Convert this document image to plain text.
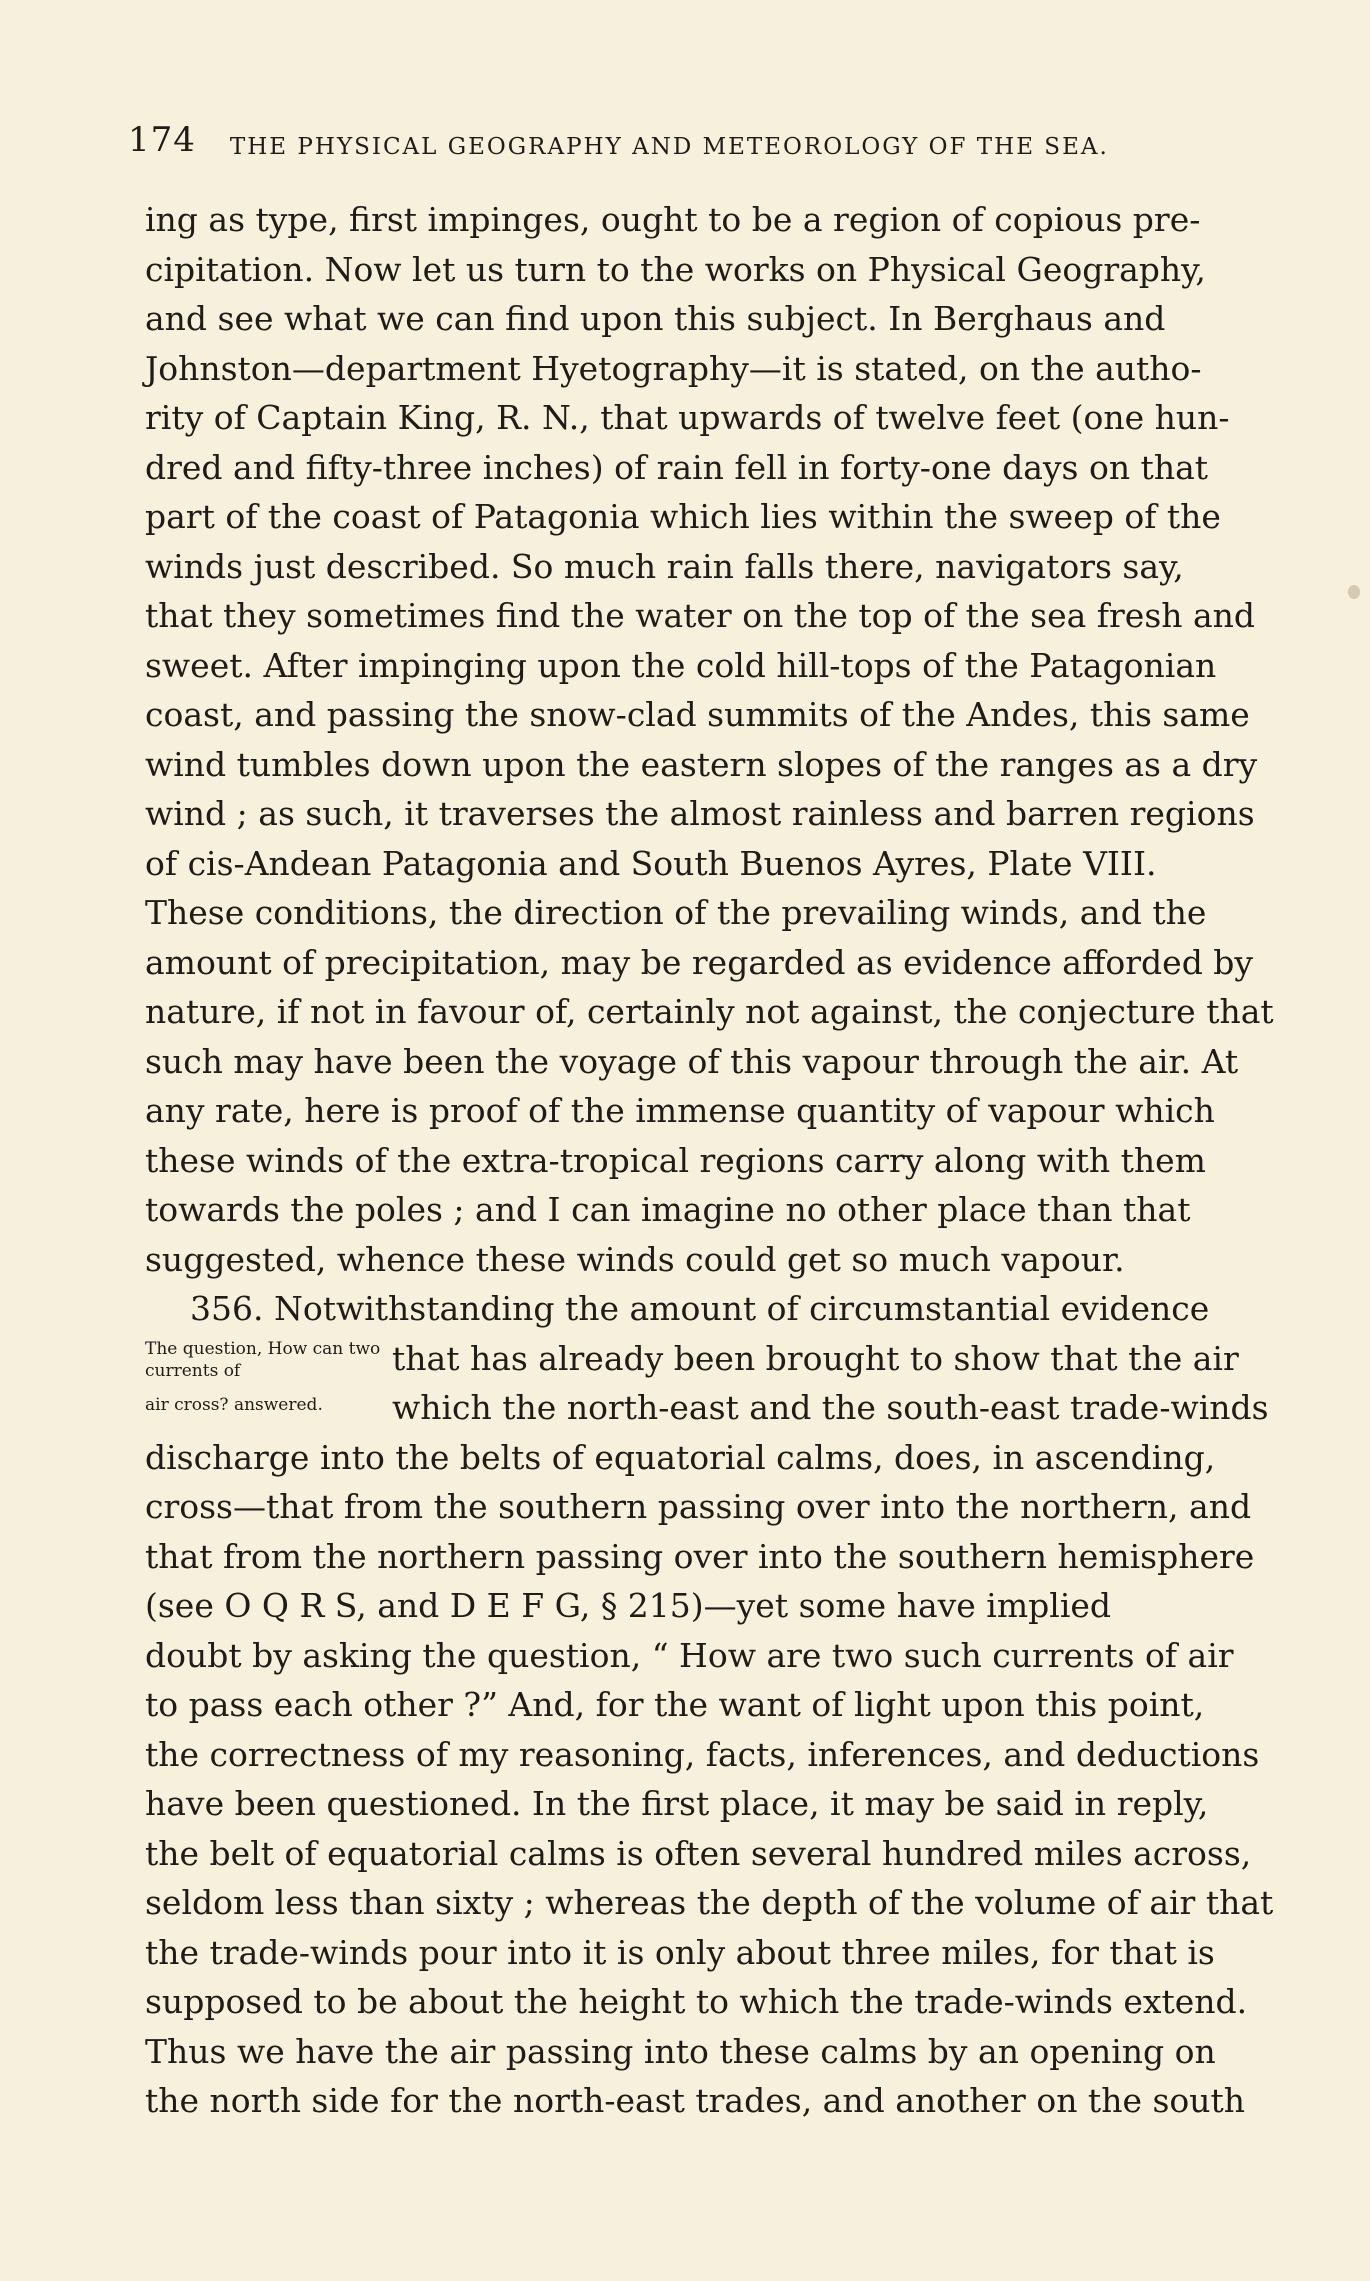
174 THE PHYSICAL GEOGRAPHY AND METEOROLOGY OF THE SEA.
ing as type, first impinges, ought to be a region of copious pre-
cipitation. Now let us turn to the works on Physical Geography,
and see what we can find upon this subject. In Berghaus and
Johnston—department Hyetography—it is stated, on the autho-
rity of Captain King, R. N., that upwards of twelve feet (one hun-
dred and fifty-three inches) of rain fell in forty-one days on that
part of the coast of Patagonia which lies within the sweep of the
winds just described. So much rain falls there, navigators say,
that they sometimes find the water on the top of the sea fresh and
sweet. After impinging upon the cold hill-tops of the Patagonian
coast, and passing the snow-clad summits of the Andes, this same
wind tumbles down upon the eastern slopes of the ranges as a dry
wind ; as such, it traverses the almost rainless and barren regions
of cis-Andean Patagonia and South Buenos Ayres, Plate VIII.
These conditions, the direction of the prevailing winds, and the
amount of precipitation, may be regarded as evidence afforded by
nature, if not in favour of, certainly not against, the conjecture that
such may have been the voyage of this vapour through the air. At
any rate, here is proof of the immense quantity of vapour which
these winds of the extra-tropical regions carry along with them
towards the poles ; and I can imagine no other place than that
suggested, whence these winds could get so much vapour.
356. Notwithstanding the amount of circumstantial evidence
The question, How can two currents of	that has already been brought to show that the air
air cross? answered.	which the north-east and the south-east trade-winds
discharge into the belts of equatorial calms, does, in ascending,
cross—that from the southern passing over into the northern, and
that from the northern passing over into the southern hemisphere
(see O Q R S, and D E F G, § 215)—yet some have implied
doubt by asking the question, “ How are two such currents of air
to pass each other ?” And, for the want of light upon this point,
the correctness of my reasoning, facts, inferences, and deductions
have been questioned. In the first place, it may be said in reply,
the belt of equatorial calms is often several hundred miles across,
seldom less than sixty ; whereas the depth of the volume of air that
the trade-winds pour into it is only about three miles, for that is
supposed to be about the height to which the trade-winds extend.
Thus we have the air passing into these calms by an opening on
the north side for the north-east trades, and another on the south
